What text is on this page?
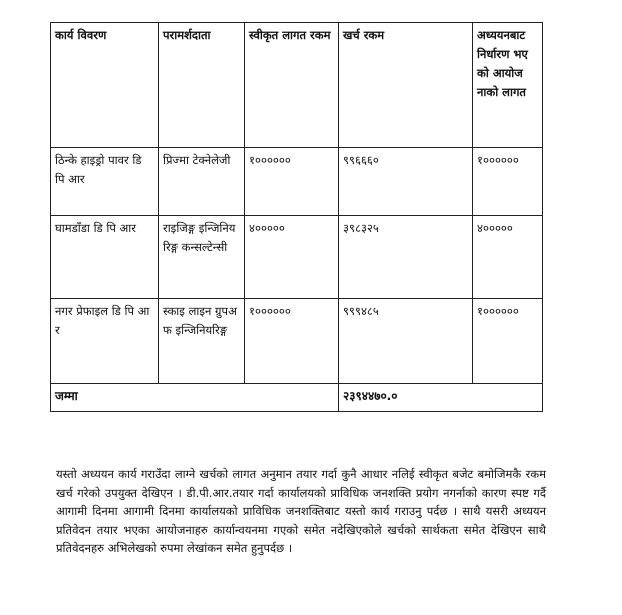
कार्य विवरण	परामर्शदाता	स्वीकृत लागत रकम	खर्च रकम	अध्ययनबाट निर्धारण भएको आयोजनाको लागत
ठिन्के हाइड्रो पावर डि पि आर	प्रिज्मा टेक्नेलेजी	१००००००	९९६६६०	१००००००
घामडाँडा डि पि आर	राइजिङ्ग इन्जिनियरिङ्ग कन्सल्टेन्सी	४०००००	३९८३२५	४०००००
नगर प्रेफाइल डि पि आर	स्काइ लाइन ग्रुपअफ इन्जिनियरिङ्ग	१००००००	९९९४८५	१००००००
जम्मा			२३९४४७०.०	

यस्तो अध्ययन कार्य गराउँदा लाग्ने खर्चको लागत अनुमान तयार गर्दा कुनै आधार नलिई स्वीकृत बजेट बमोजिमकै रकम खर्च गरेको उपयुक्त देखिएन । डी.पी.आर.तयार गर्दा कार्यालयको प्राविधिक जनशक्ति प्रयोग नगर्नाको कारण स्पष्ट गर्दै आगामी दिनमा आगामी दिनमा कार्यालयको प्राविधिक जनशक्तिबाट यस्तो कार्य गराउनु पर्दछ । साथै यसरी अध्ययन प्रतिवेदन तयार भएका आयोजनाहरु कार्यान्वयनमा गएको समेत नदेखिएकोले खर्चको सार्थकता समेत देखिएन साथै प्रतिवेदनहरु अभिलेखको रुपमा लेखांकन समेत हुनुपर्दछ ।
